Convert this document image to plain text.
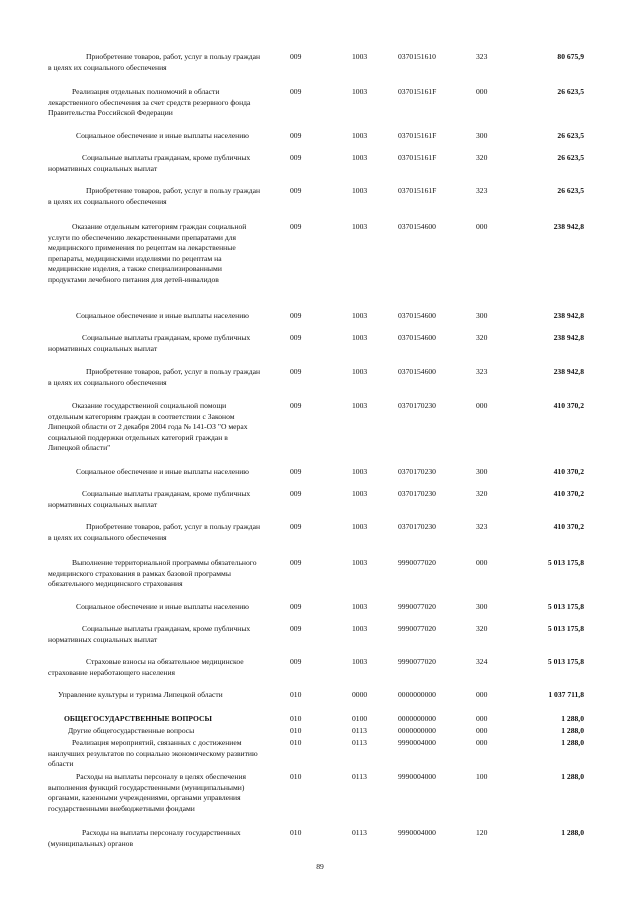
Приобретение товаров, работ, услуг в пользу граждан в целях их социального обеспечения
009	1003	0370151610	323	80 675,9
Реализация отдельных полномочий в области лекарственного обеспечения за счет средств резервного фонда Правительства Российской Федерации
009	1003	037015161F	000	26 623,5
Социальное обеспечение и иные выплаты населению	009	1003	037015161F	300	26 623,5
Социальные выплаты гражданам, кроме публичных нормативных социальных выплат
009	1003	037015161F	320	26 623,5
Приобретение товаров, работ, услуг в пользу граждан в целях их социального обеспечения
009	1003	037015161F	323	26 623,5
Оказание отдельным категориям граждан социальной услуги по обеспечению лекарственными препаратами для медицинского применения по рецептам на лекарственные препараты, медицинскими изделиями по рецептам на медицинские изделия, а также специализированными продуктами лечебного питания для детей-инвалидов
009	1003	0370154600	000	238 942,8
Социальное обеспечение и иные выплаты населению	009	1003	0370154600	300	238 942,8
Социальные выплаты гражданам, кроме публичных нормативных социальных выплат
009	1003	0370154600	320	238 942,8
Приобретение товаров, работ, услуг в пользу граждан в целях их социального обеспечения
009	1003	0370154600	323	238 942,8
Оказание государственной социальной помощи отдельным категориям граждан в соответствии с Законом Липецкой области от 2 декабря 2004 года № 141-ОЗ "О мерах социальной поддержки отдельных категорий граждан в Липецкой области"
009	1003	0370170230	000	410 370,2
Социальное обеспечение и иные выплаты населению	009	1003	0370170230	300	410 370,2
Социальные выплаты гражданам, кроме публичных нормативных социальных выплат
009	1003	0370170230	320	410 370,2
Приобретение товаров, работ, услуг в пользу граждан в целях их социального обеспечения
009	1003	0370170230	323	410 370,2
Выполнение территориальной программы обязательного медицинского страхования в рамках базовой программы обязательного медицинского страхования
009	1003	9990077020	000	5 013 175,8
Социальное обеспечение и иные выплаты населению	009	1003	9990077020	300	5 013 175,8
Социальные выплаты гражданам, кроме публичных нормативных социальных выплат
009	1003	9990077020	320	5 013 175,8
Страховые взносы на обязательное медицинское страхование неработающего населения
009	1003	9990077020	324	5 013 175,8
Управление культуры и туризма Липецкой области	010	0000	0000000000	000	1 037 711,8
ОБЩЕГОСУДАРСТВЕННЫЕ ВОПРОСЫ	010	0100	0000000000	000	1 288,0
Другие общегосударственные вопросы	010	0113	0000000000	000	1 288,0
Реализация мероприятий, связанных с достижением наилучших результатов по социально экономическому развитию области
010	0113	9990004000	000	1 288,0
Расходы на выплаты персоналу в целях обеспечения выполнения функций государственными (муниципальными) органами, казенными учреждениями, органами управления государственными внебюджетными фондами
010	0113	9990004000	100	1 288,0
Расходы на выплаты персоналу государственных (муниципальных) органов
010	0113	9990004000	120	1 288,0
89
